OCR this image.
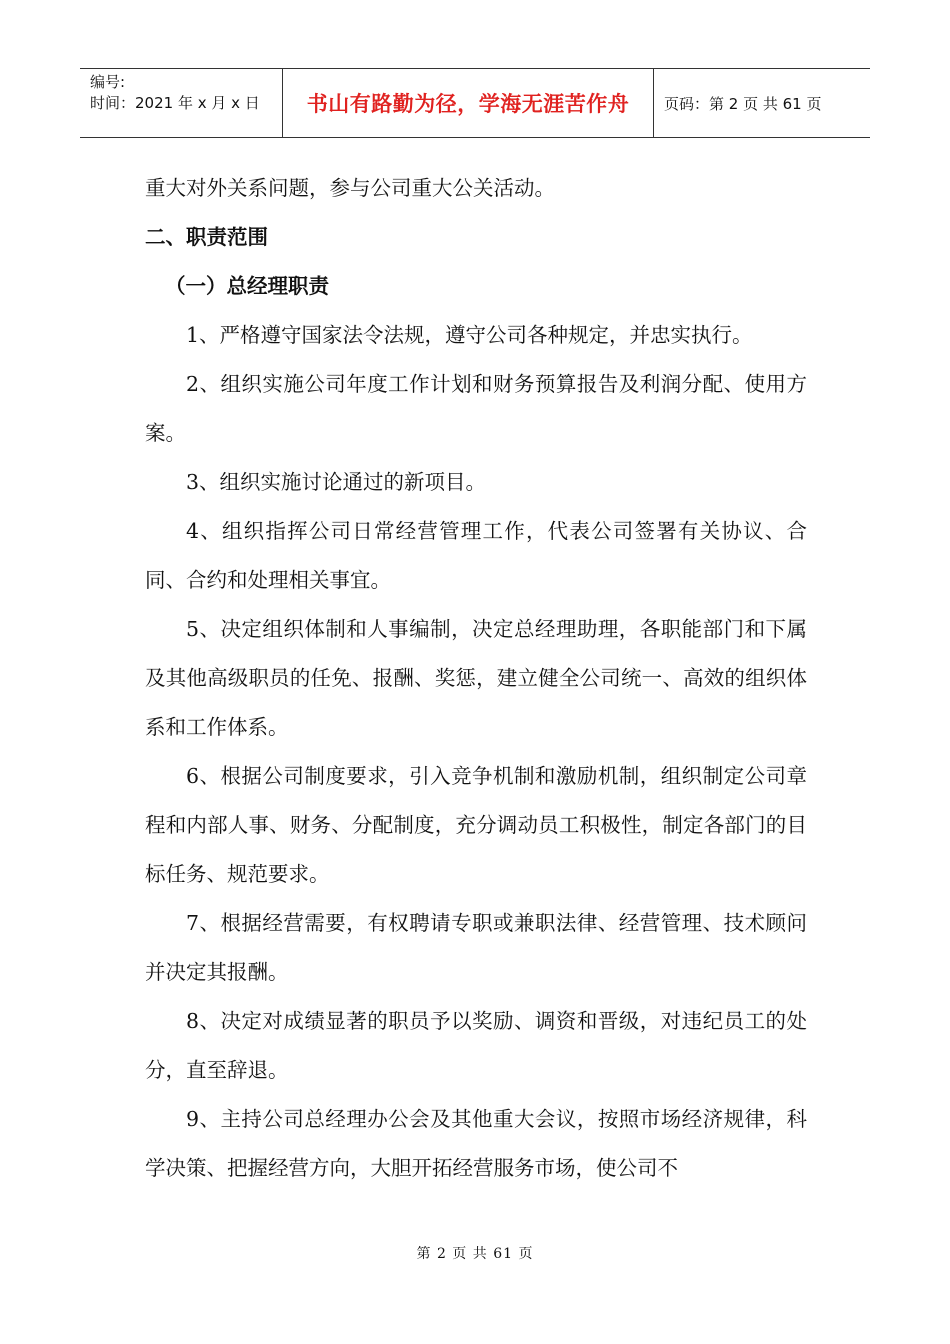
编号:
时间：2021 年 x 月 x 日	书山有路勤为径，学海无涯苦作舟	页码：第 2 页 共 61 页
重大对外关系问题，参与公司重大公关活动。
二、职责范围
（一）总经理职责

1、严格遵守国家法令法规，遵守公司各种规定，并忠实执行。

2、组织实施公司年度工作计划和财务预算报告及利润分配、使用方案。

3、组织实施讨论通过的新项目。

4、组织指挥公司日常经营管理工作，代表公司签署有关协议、合同、合约和处理相关事宜。

5、决定组织体制和人事编制，决定总经理助理，各职能部门和下属及其他高级职员的任免、报酬、奖惩，建立健全公司统一、高效的组织体系和工作体系。

6、根据公司制度要求，引入竞争机制和激励机制，组织制定公司章程和内部人事、财务、分配制度，充分调动员工积极性，制定各部门的目标任务、规范要求。

7、根据经营需要，有权聘请专职或兼职法律、经营管理、技术顾问并决定其报酬。

8、决定对成绩显著的职员予以奖励、调资和晋级，对违纪员工的处分，直至辞退。

9、主持公司总经理办公会及其他重大会议，按照市场经济规律，科学决策、把握经营方向，大胆开拓经营服务市场，使公司不

第 2 页 共 61 页
